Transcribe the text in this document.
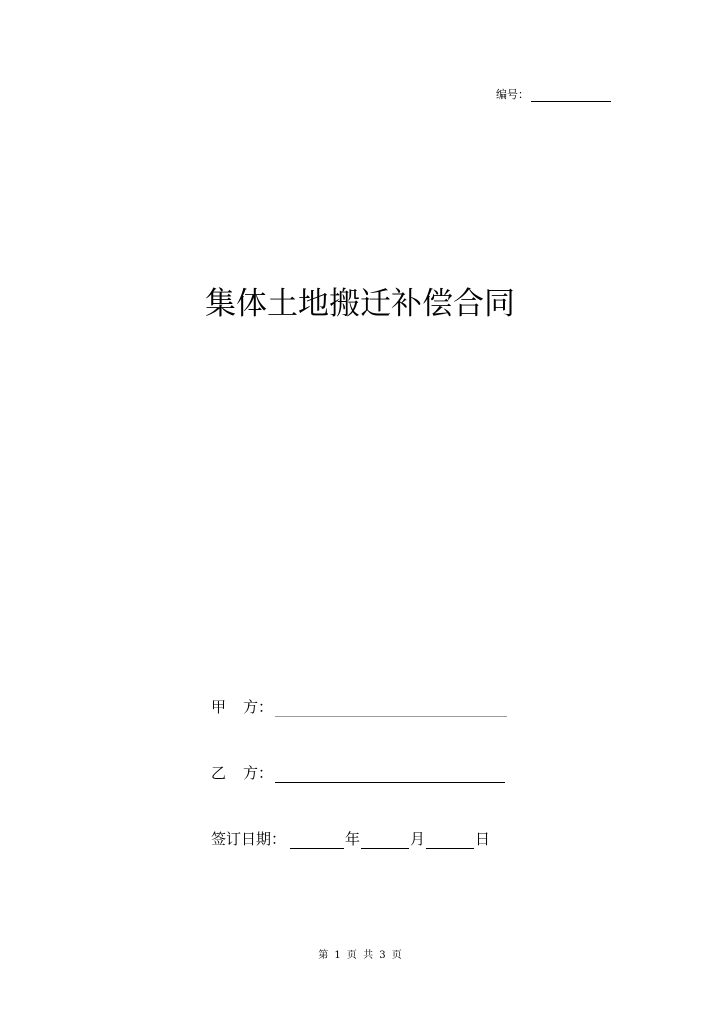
编号：
集体土地搬迁补偿合同
甲 方：
乙 方：
签订日期：	年	月	日
第 1 页 共 3 页
